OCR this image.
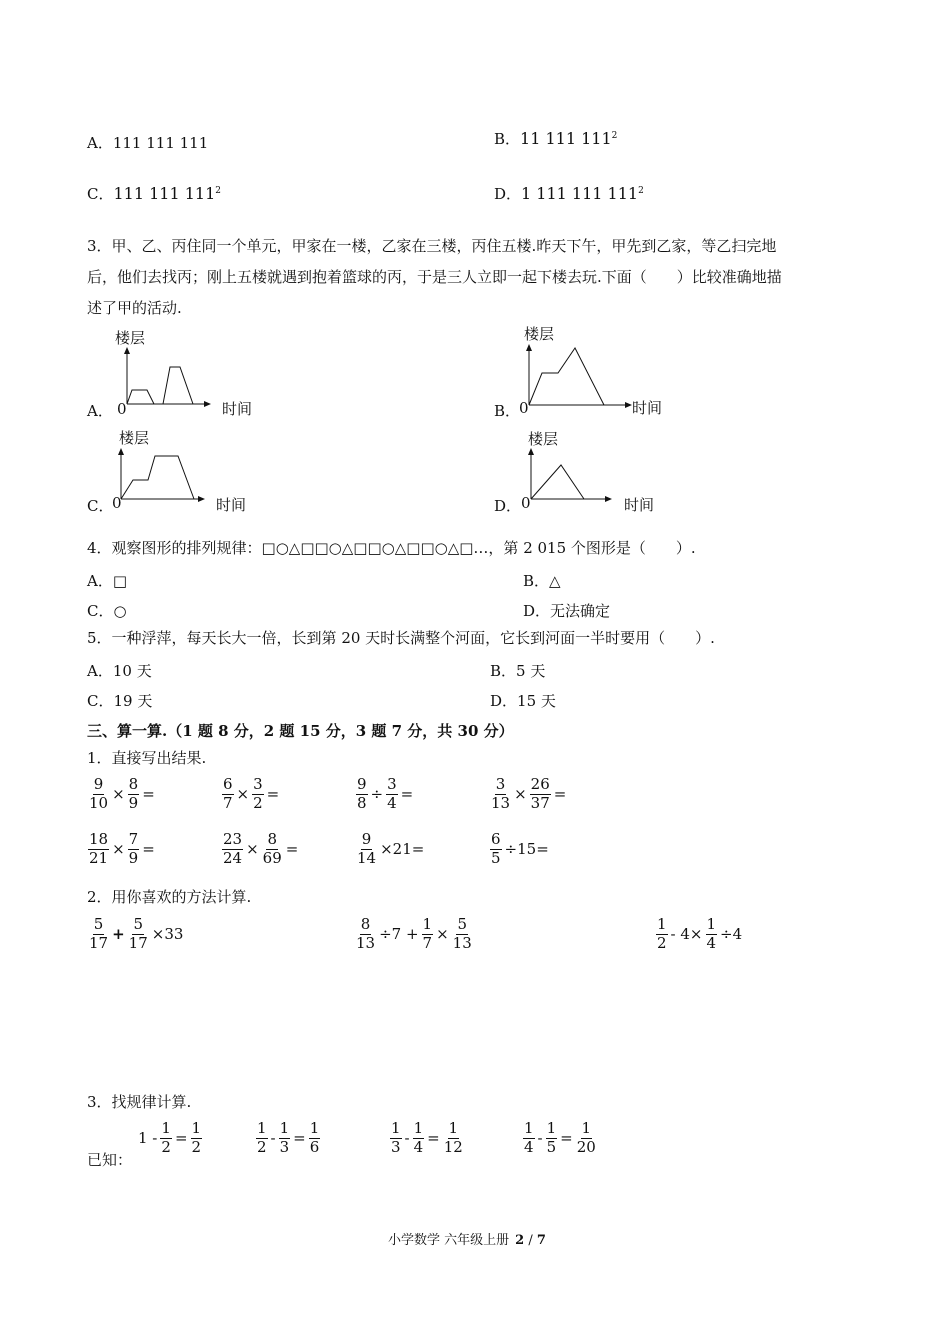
A．111 111 111	B．11 111 $111^2$
C．111 111 $111^2$	D．1 111 111 $111^2$
3．甲、乙、丙住同一个单元，甲家在一楼，乙家在三楼，丙住五楼.昨天下午，甲先到乙家，等乙扫完地
后，他们去找丙；刚上五楼就遇到抱着篮球的丙，于是三人立即一起下楼去玩.下面（　　）比较准确地描
述了甲的活动.
A．
楼层
0	时间	B．
楼层
0	时间
C．
楼层
0	时间	D．
楼层
0	时间
4．观察图形的排列规律：□○△□□○△□□○△□□○△□…，第 2 015 个图形是（　　）.
A．□	B．△
C．○	D．无法确定
5．一种浮萍，每天长大一倍，长到第 20 天时长满整个河面，它长到河面一半时要用（　　）.
A．10 天	B．5 天
C．19 天	D．15 天
三、算一算.（1 题 8 分，2 题 15 分，3 题 7 分，共 30 分）
1．直接写出结果.
$\frac{9}{10} \times \frac{8}{9}$ =	$\frac{6}{7} \times \frac{3}{2}$ =	$\frac{9}{8} \div \frac{3}{4}$ =	$\frac{3}{13} \times \frac{26}{37}$ =
$\frac{18}{21} \times \frac{7}{9}$ =	$\frac{23}{24} \times \frac{8}{69}$ =	$\frac{9}{14} \times 21=$	$\frac{6}{5} \div 15=$
2．用你喜欢的方法计算.
$\frac{5}{17} + \frac{5}{17} \times 33$	$\frac{8}{13} \div 7 + \frac{1}{7} \times \frac{5}{13}$	$\frac{1}{2} - 4\times \frac{1}{4} \div 4$
3．找规律计算.
已知：
$1 - \frac{1}{2} = \frac{1}{2}$	$\frac{1}{2} - \frac{1}{3} = \frac{1}{6}$	$\frac{1}{3} - \frac{1}{4} = \frac{1}{12}$	$\frac{1}{4} - \frac{1}{5} = \frac{1}{20}$
小学数学 六年级上册 2 / 7
